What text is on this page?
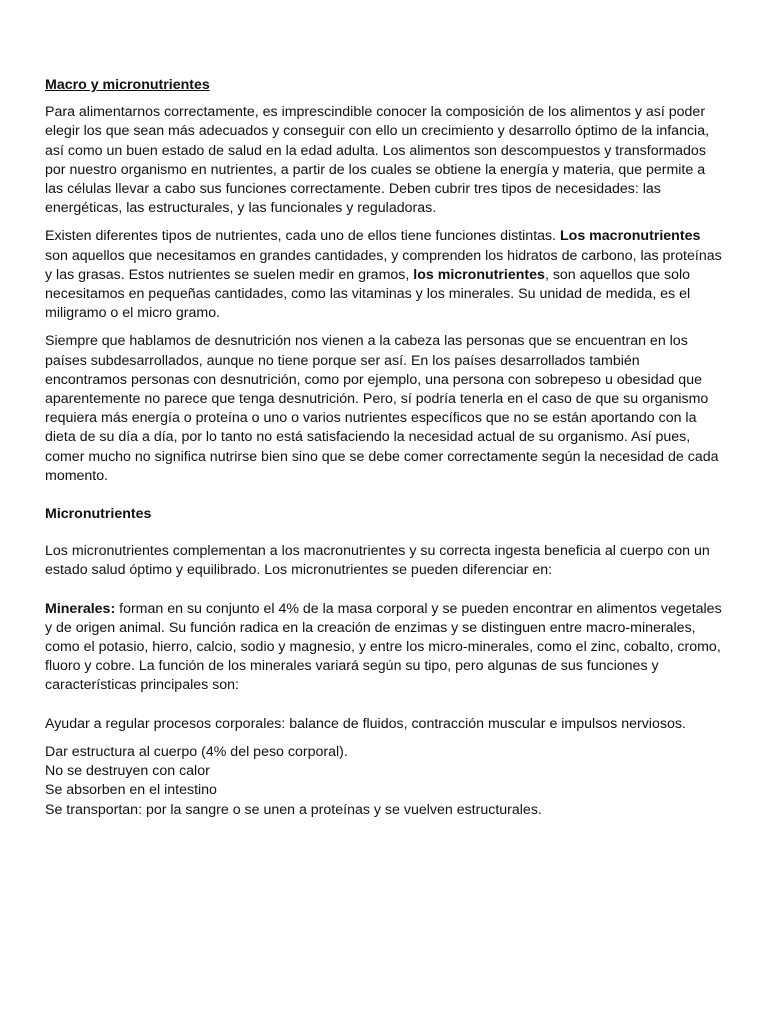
Macro y micronutrientes

Para alimentarnos correctamente, es imprescindible conocer la composición de los alimentos y así poder elegir los que sean más adecuados y conseguir con ello un crecimiento y desarrollo óptimo de la infancia, así como un buen estado de salud en la edad adulta. Los alimentos son descompuestos y transformados por nuestro organismo en nutrientes, a partir de los cuales se obtiene la energía y materia, que permite a las células llevar a cabo sus funciones correctamente. Deben cubrir tres tipos de necesidades: las energéticas, las estructurales, y las funcionales y reguladoras.

Existen diferentes tipos de nutrientes, cada uno de ellos tiene funciones distintas. Los macronutrientes son aquellos que necesitamos en grandes cantidades, y comprenden los hidratos de carbono, las proteínas y las grasas. Estos nutrientes se suelen medir en gramos, los micronutrientes, son aquellos que solo necesitamos en pequeñas cantidades, como las vitaminas y los minerales. Su unidad de medida, es el miligramo o el micro gramo.

Siempre que hablamos de desnutrición nos vienen a la cabeza las personas que se encuentran en los países subdesarrollados, aunque no tiene porque ser así. En los países desarrollados también encontramos personas con desnutrición, como por ejemplo, una persona con sobrepeso u obesidad que aparentemente no parece que tenga desnutrición. Pero, sí podría tenerla en el caso de que su organismo requiera más energía o proteína o uno o varios nutrientes específicos que no se están aportando con la dieta de su día a día, por lo tanto no está satisfaciendo la necesidad actual de su organismo. Así pues, comer mucho no significa nutrirse bien sino que se debe comer correctamente según la necesidad de cada momento.

Micronutrientes

Los micronutrientes complementan a los macronutrientes y su correcta ingesta beneficia al cuerpo con un estado salud óptimo y equilibrado. Los micronutrientes se pueden diferenciar en:

Minerales: forman en su conjunto el 4% de la masa corporal y se pueden encontrar en alimentos vegetales y de origen animal. Su función radica en la creación de enzimas y se distinguen entre macro-minerales, como el potasio, hierro, calcio, sodio y magnesio, y entre los micro-minerales, como el zinc, cobalto, cromo, fluoro y cobre. La función de los minerales variará según su tipo, pero algunas de sus funciones y características principales son:

Ayudar a regular procesos corporales: balance de fluidos, contracción muscular e impulsos nerviosos.

Dar estructura al cuerpo (4% del peso corporal).
No se destruyen con calor
Se absorben en el intestino
Se transportan: por la sangre o se unen a proteínas y se vuelven estructurales.
